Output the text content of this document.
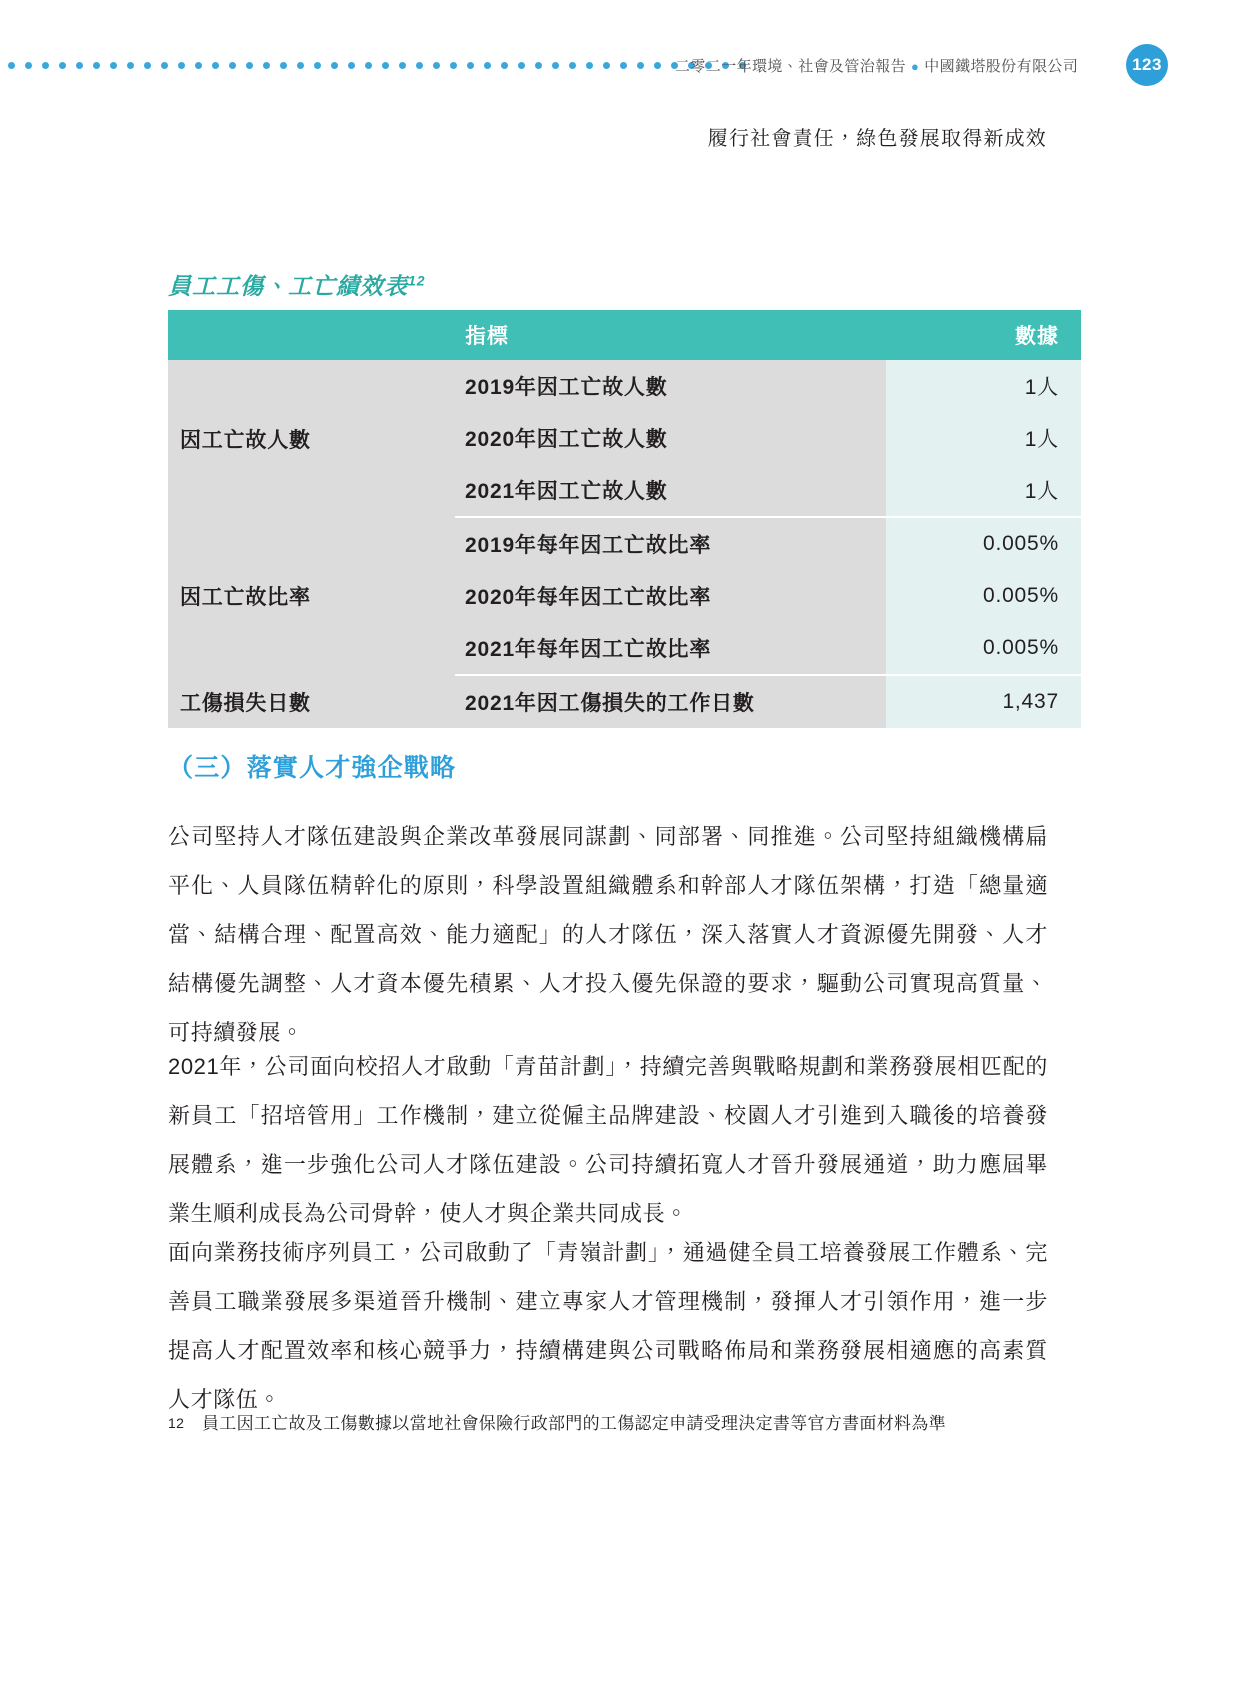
二零二一年環境、社會及管治報告 ● 中國鐵塔股份有限公司	123
履行社會責任，綠色發展取得新成效
員工工傷、工亡績效表$^{12}$
	指標	數據
因工亡故人數	2019年因工亡故人數	1人
	2020年因工亡故人數	1人
	2021年因工亡故人數	1人
因工亡故比率	2019年每年因工亡故比率	0.005%
	2020年每年因工亡故比率	0.005%
	2021年每年因工亡故比率	0.005%
工傷損失日數	2021年因工傷損失的工作日數	1,437
（三）落實人才強企戰略

公司堅持人才隊伍建設與企業改革發展同謀劃、同部署、同推進。公司堅持組織機構扁平化、人員隊伍精幹化的原則，科學設置組織體系和幹部人才隊伍架構，打造「總量適當、結構合理、配置高效、能力適配」的人才隊伍，深入落實人才資源優先開發、人才結構優先調整、人才資本優先積累、人才投入優先保證的要求，驅動公司實現高質量、可持續發展。

2021年，公司面向校招人才啟動「青苗計劃」，持續完善與戰略規劃和業務發展相匹配的新員工「招培管用」工作機制，建立從僱主品牌建設、校園人才引進到入職後的培養發展體系，進一步強化公司人才隊伍建設。公司持續拓寬人才晉升發展通道，助力應屆畢業生順利成長為公司骨幹，使人才與企業共同成長。

面向業務技術序列員工，公司啟動了「青嶺計劃」，通過健全員工培養發展工作體系、完善員工職業發展多渠道晉升機制、建立專家人才管理機制，發揮人才引領作用，進一步提高人才配置效率和核心競爭力，持續構建與公司戰略佈局和業務發展相適應的高素質人才隊伍。

12	員工因工亡故及工傷數據以當地社會保險行政部門的工傷認定申請受理決定書等官方書面材料為準
